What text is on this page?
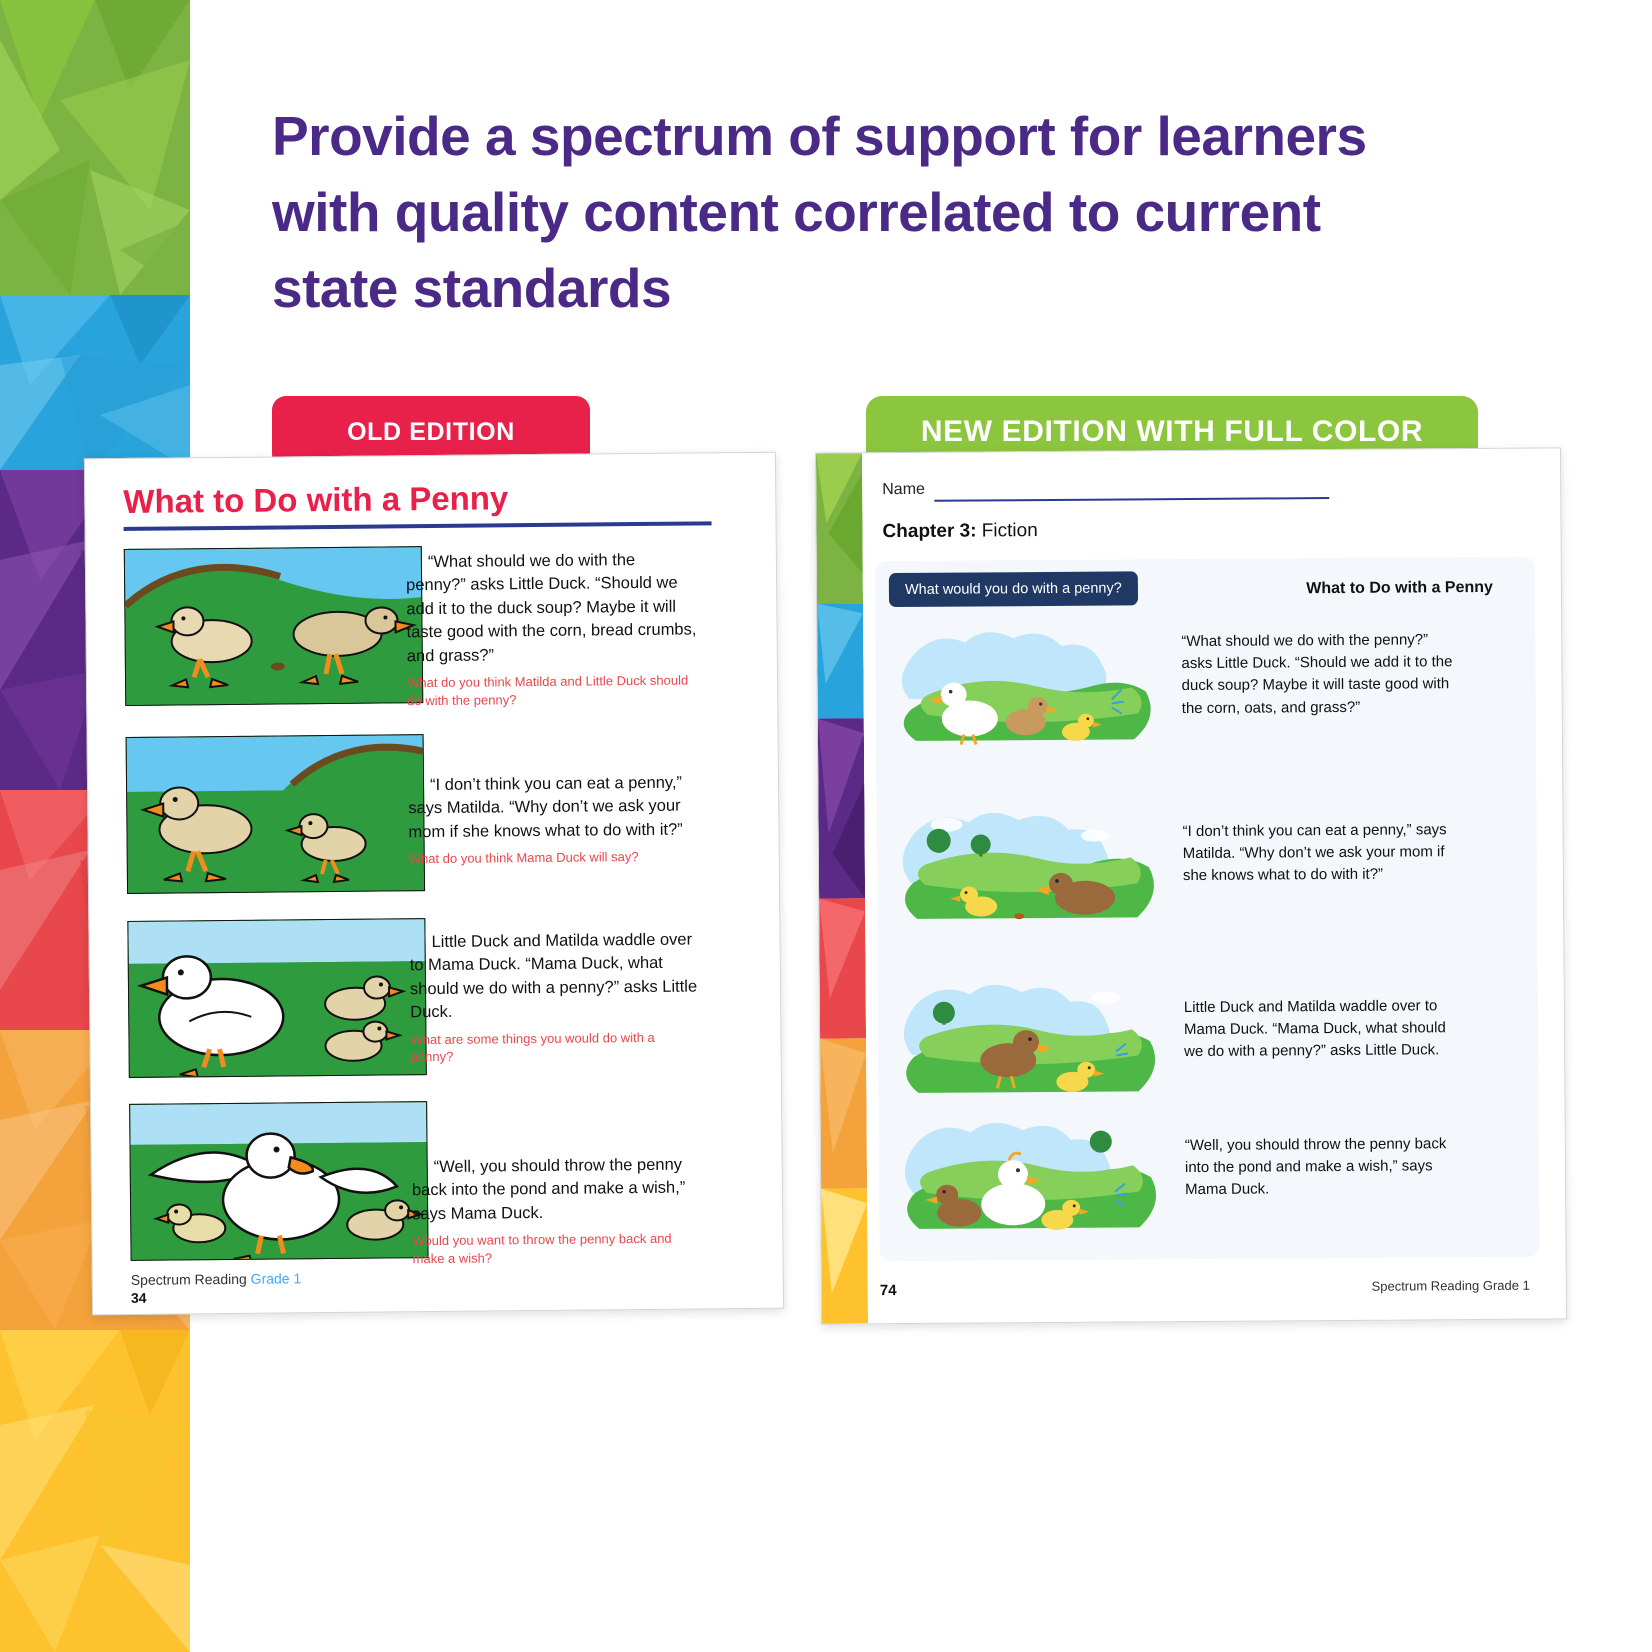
Provide a spectrum of support for learners with quality content correlated to current state standards
OLD EDITION	NEW EDITION WITH FULL COLOR
What to Do with a Penny
“What should we do with the penny?” asks Little Duck. “Should we add it to the duck soup? Maybe it will taste good with the corn, bread crumbs, and grass?”
What do you think Matilda and Little Duck should do with the penny?
“I don’t think you can eat a penny,” says Matilda. “Why don’t we ask your mom if she knows what to do with it?”
What do you think Mama Duck will say?
Little Duck and Matilda waddle over to Mama Duck. “Mama Duck, what should we do with a penny?” asks Little Duck.
What are some things you would do with a penny?
“Well, you should throw the penny back into the pond and make a wish,” says Mama Duck.
Would you want to throw the penny back and make a wish?
Spectrum Reading Grade 1
34
Name
Chapter 3: Fiction
What would you do with a penny?	What to Do with a Penny
“What should we do with the penny?” asks Little Duck. “Should we add it to the duck soup? Maybe it will taste good with the corn, oats, and grass?”
“I don’t think you can eat a penny,” says Matilda. “Why don’t we ask your mom if she knows what to do with it?”
Little Duck and Matilda waddle over to Mama Duck. “Mama Duck, what should we do with a penny?” asks Little Duck.
“Well, you should throw the penny back into the pond and make a wish,” says Mama Duck.
74	Spectrum Reading Grade 1
